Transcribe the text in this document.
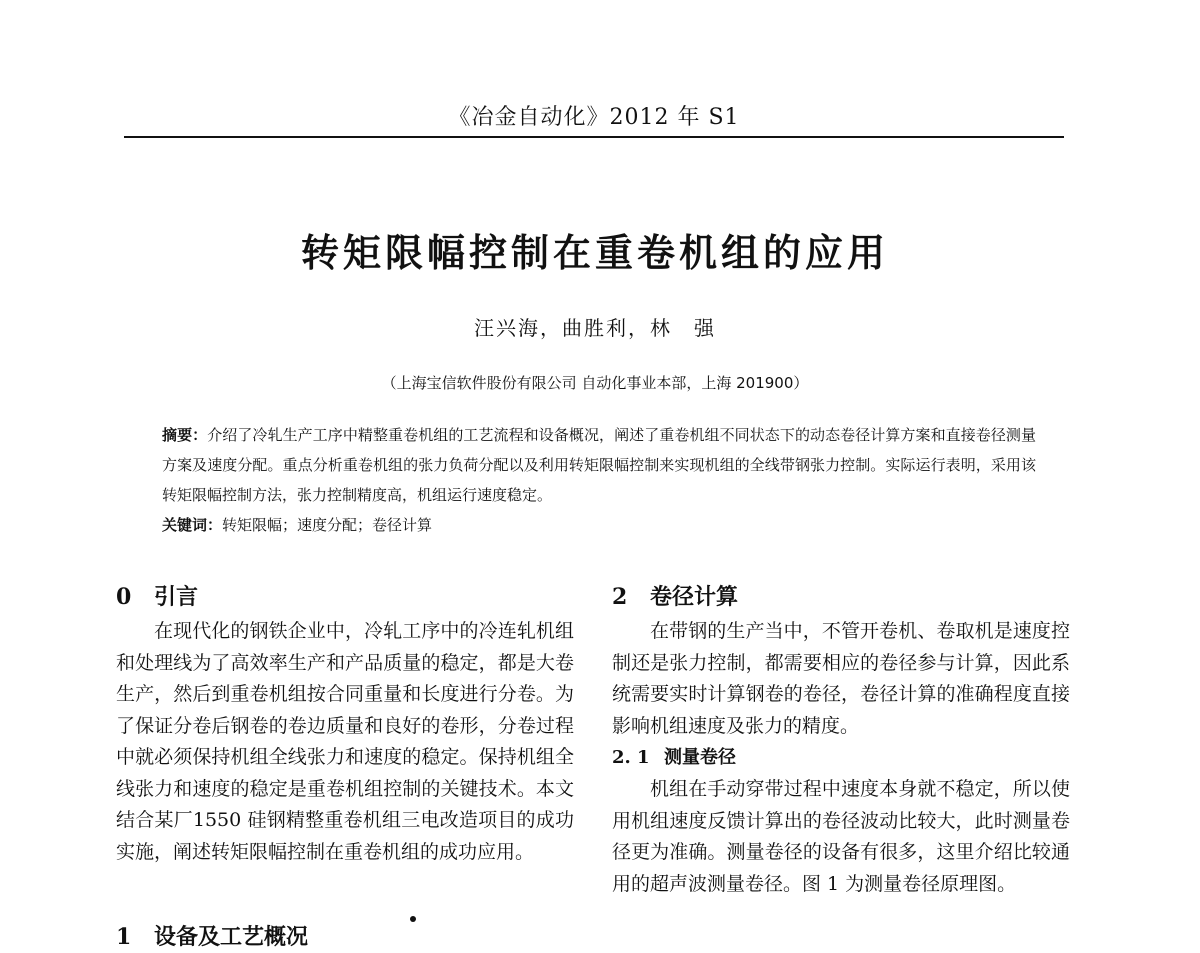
《冶金自动化》2012 年 S1
转矩限幅控制在重卷机组的应用
汪兴海，曲胜利，林　强
（上海宝信软件股份有限公司 自动化事业本部，上海 201900）
摘要：介绍了冷轧生产工序中精整重卷机组的工艺流程和设备概况，阐述了重卷机组不同状态下的动态卷径计算方案和直接卷径测量方案及速度分配。重点分析重卷机组的张力负荷分配以及利用转矩限幅控制来实现机组的全线带钢张力控制。实际运行表明，采用该转矩限幅控制方法，张力控制精度高，机组运行速度稳定。
关键词：转矩限幅；速度分配；卷径计算
0 引言

在现代化的钢铁企业中，冷轧工序中的冷连轧机组和处理线为了高效率生产和产品质量的稳定，都是大卷生产，然后到重卷机组按合同重量和长度进行分卷。为了保证分卷后钢卷的卷边质量和良好的卷形，分卷过程中就必须保持机组全线张力和速度的稳定。保持机组全线张力和速度的稳定是重卷机组控制的关键技术。本文结合某厂1550 硅钢精整重卷机组三电改造项目的成功实施，阐述转矩限幅控制在重卷机组的成功应用。

1 设备及工艺概况
2 卷径计算

在带钢的生产当中，不管开卷机、卷取机是速度控制还是张力控制，都需要相应的卷径参与计算，因此系统需要实时计算钢卷的卷径，卷径计算的准确程度直接影响机组速度及张力的精度。

2. 1 测量卷径

机组在手动穿带过程中速度本身就不稳定，所以使用机组速度反馈计算出的卷径波动比较大，此时测量卷径更为准确。测量卷径的设备有很多，这里介绍比较通用的超声波测量卷径。图 1 为测量卷径原理图。
